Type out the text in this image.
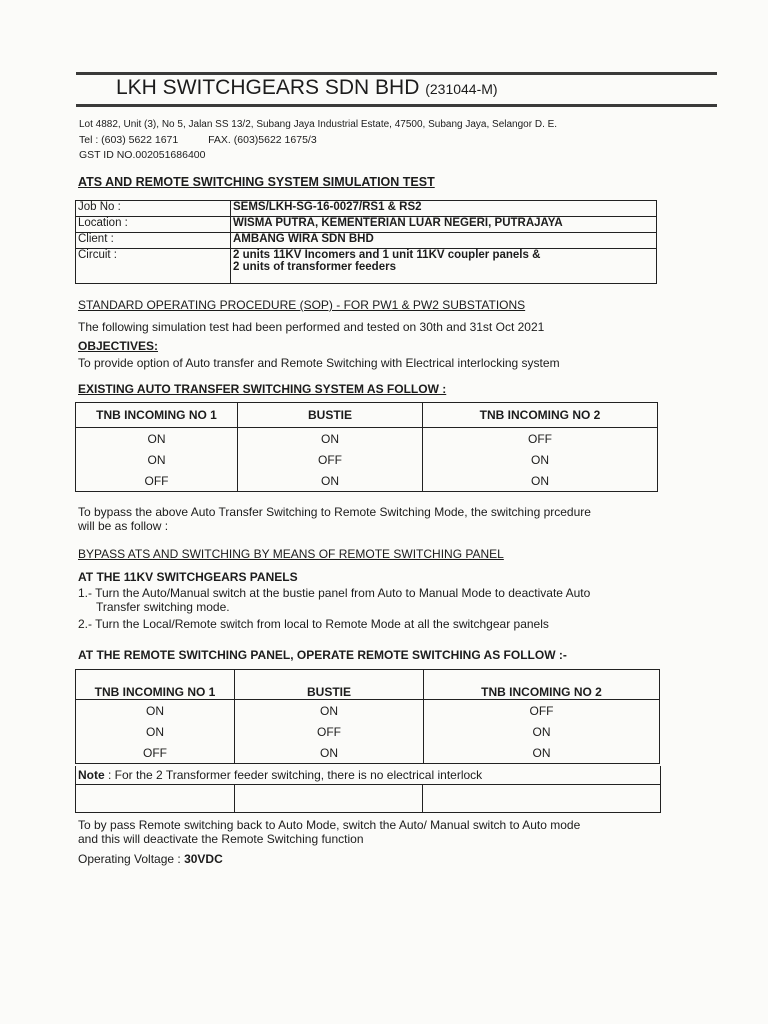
LKH SWITCHGEARS SDN BHD (231044-M)
Lot 4882, Unit (3), No 5, Jalan SS 13/2, Subang Jaya Industrial Estate, 47500, Subang Jaya, Selangor D. E.
Tel : (603) 5622 1671	FAX. (603)5622 1675/3
GST ID NO.002051686400
ATS AND REMOTE SWITCHING SYSTEM SIMULATION TEST
Job No :	SEMS/LKH-SG-16-0027/RS1 & RS2
Location :	WISMA PUTRA, KEMENTERIAN LUAR NEGERI, PUTRAJAYA
Client :	AMBANG WIRA SDN BHD
Circuit :	2 units 11KV Incomers and 1 unit 11KV coupler panels &
2 units of transformer feeders
STANDARD OPERATING PROCEDURE (SOP) - FOR PW1 & PW2 SUBSTATIONS
The following simulation test had been performed and tested on 30th and 31st Oct 2021
OBJECTIVES:
To provide option of Auto transfer and Remote Switching with Electrical interlocking system
EXISTING AUTO TRANSFER SWITCHING SYSTEM AS FOLLOW :
TNB INCOMING NO 1	BUSTIE	TNB INCOMING NO 2
ON	ON	OFF
ON	OFF	ON
OFF	ON	ON
To bypass the above Auto Transfer Switching to Remote Switching Mode, the switching prcedure
will be as follow :
BYPASS ATS AND SWITCHING BY MEANS OF REMOTE SWITCHING PANEL
AT THE 11KV SWITCHGEARS PANELS
1.- Turn the Auto/Manual switch at the bustie panel from Auto to Manual Mode to deactivate Auto
Transfer switching mode.
2.- Turn the Local/Remote switch from local to Remote Mode at all the switchgear panels
AT THE REMOTE SWITCHING PANEL, OPERATE REMOTE SWITCHING AS FOLLOW :-
TNB INCOMING NO 1	BUSTIE	TNB INCOMING NO 2
ON	ON	OFF
ON	OFF	ON
OFF	ON	ON
Note : For the 2 Transformer feeder switching, there is no electrical interlock
To by pass Remote switching back to Auto Mode, switch the Auto/ Manual switch to Auto mode
and this will deactivate the Remote Switching function
Operating Voltage : 30VDC
